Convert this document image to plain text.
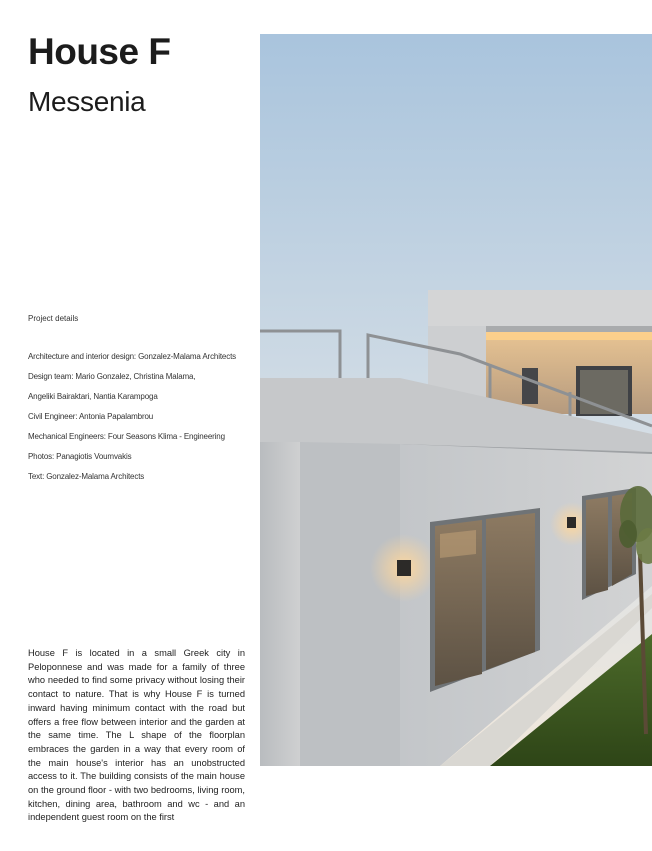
House F
Messenia
Project details
Architecture and interior design: Gonzalez-Malama Architects
Design team: Mario Gonzalez, Christina Malama,
Angeliki Bairaktari, Nantia Karampoga
Civil Engineer: Antonia Papalambrou
Mechanical Engineers: Four Seasons Klima - Engineering
Photos: Panagiotis Voumvakis
Text: Gonzalez-Malama Architects

House F is located in a small Greek city in Peloponnese and was made for a family of three who needed to find some privacy without losing their contact to nature. That is why House F is turned inward having minimum contact with the road but offers a free flow between interior and the garden at the same time. The L shape of the floorplan embraces the garden in a way that every room of the main house's interior has an unobstructed access to it. The building consists of the main house on the ground floor - with two bedrooms, living room, kitchen, dining area, bathroom and wc - and an independent guest room on the first
